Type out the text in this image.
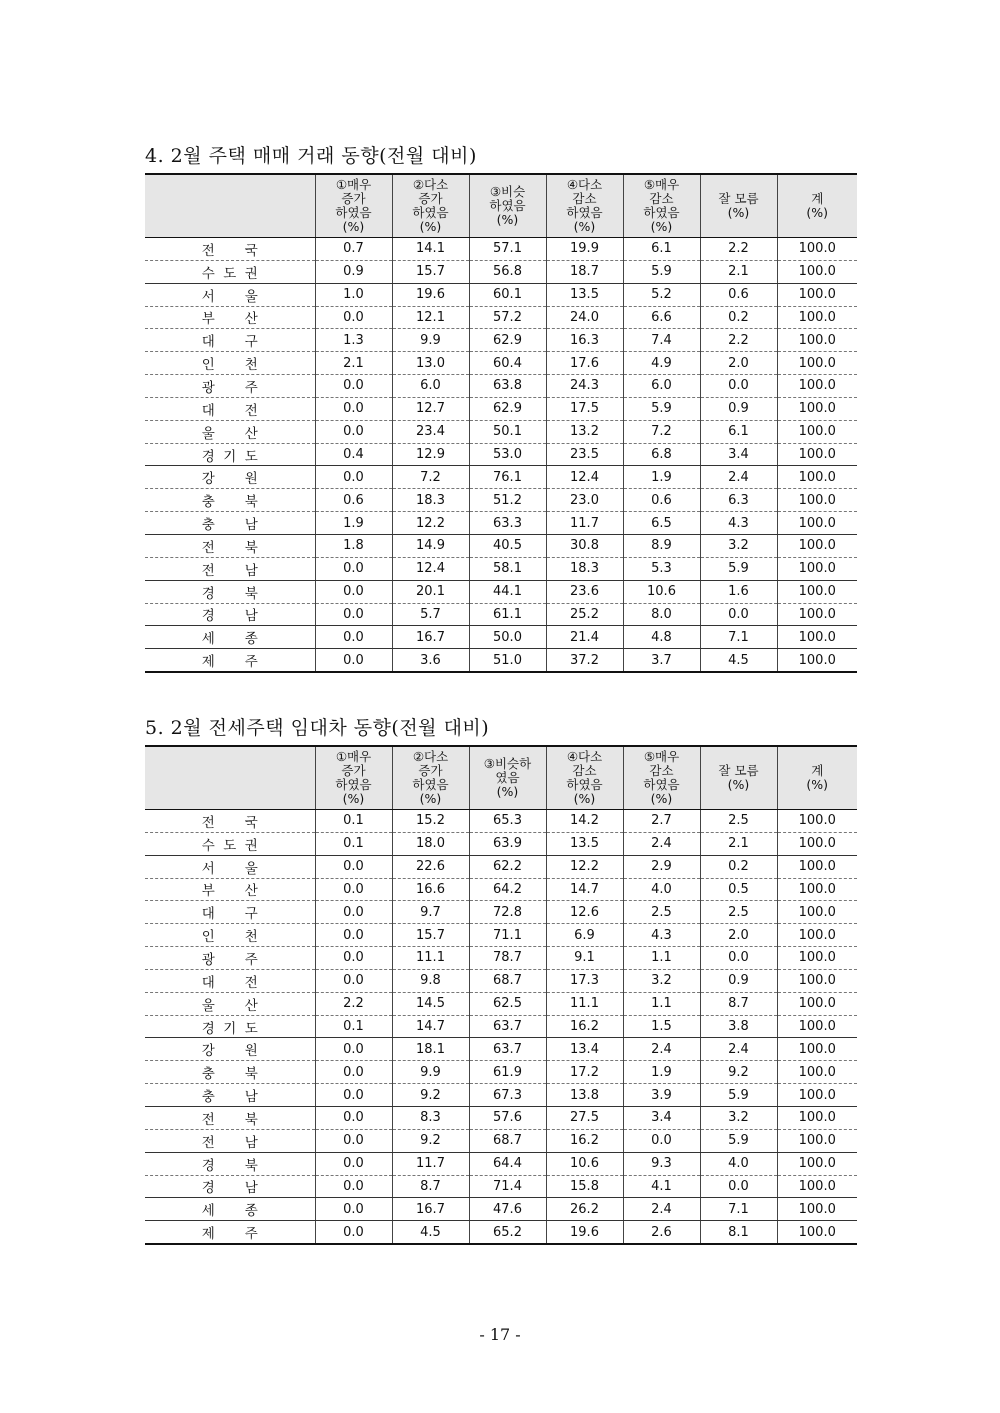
4. 2월 주택 매매 거래 동향(전월 대비)
	①매우
증가
하였음
(%)	②다소
증가
하였음
(%)	③비슷
하였음
(%)	④다소
감소
하였음
(%)	⑤매우
감소
하였음
(%)	잘 모름
(%)	계
(%)
전 국	0.7	14.1	57.1	19.9	6.1	2.2	100.0
수 도 권	0.9	15.7	56.8	18.7	5.9	2.1	100.0
서 울	1.0	19.6	60.1	13.5	5.2	0.6	100.0
부 산	0.0	12.1	57.2	24.0	6.6	0.2	100.0
대 구	1.3	9.9	62.9	16.3	7.4	2.2	100.0
인 천	2.1	13.0	60.4	17.6	4.9	2.0	100.0
광 주	0.0	6.0	63.8	24.3	6.0	0.0	100.0
대 전	0.0	12.7	62.9	17.5	5.9	0.9	100.0
울 산	0.0	23.4	50.1	13.2	7.2	6.1	100.0
경 기 도	0.4	12.9	53.0	23.5	6.8	3.4	100.0
강 원	0.0	7.2	76.1	12.4	1.9	2.4	100.0
충 북	0.6	18.3	51.2	23.0	0.6	6.3	100.0
충 남	1.9	12.2	63.3	11.7	6.5	4.3	100.0
전 북	1.8	14.9	40.5	30.8	8.9	3.2	100.0
전 남	0.0	12.4	58.1	18.3	5.3	5.9	100.0
경 북	0.0	20.1	44.1	23.6	10.6	1.6	100.0
경 남	0.0	5.7	61.1	25.2	8.0	0.0	100.0
세 종	0.0	16.7	50.0	21.4	4.8	7.1	100.0
제 주	0.0	3.6	51.0	37.2	3.7	4.5	100.0
5. 2월 전세주택 임대차 동향(전월 대비)
	①매우
증가
하였음
(%)	②다소
증가
하였음
(%)	③비슷하
였음
(%)	④다소
감소
하였음
(%)	⑤매우
감소
하였음
(%)	잘 모름
(%)	계
(%)
전 국	0.1	15.2	65.3	14.2	2.7	2.5	100.0
수 도 권	0.1	18.0	63.9	13.5	2.4	2.1	100.0
서 울	0.0	22.6	62.2	12.2	2.9	0.2	100.0
부 산	0.0	16.6	64.2	14.7	4.0	0.5	100.0
대 구	0.0	9.7	72.8	12.6	2.5	2.5	100.0
인 천	0.0	15.7	71.1	6.9	4.3	2.0	100.0
광 주	0.0	11.1	78.7	9.1	1.1	0.0	100.0
대 전	0.0	9.8	68.7	17.3	3.2	0.9	100.0
울 산	2.2	14.5	62.5	11.1	1.1	8.7	100.0
경 기 도	0.1	14.7	63.7	16.2	1.5	3.8	100.0
강 원	0.0	18.1	63.7	13.4	2.4	2.4	100.0
충 북	0.0	9.9	61.9	17.2	1.9	9.2	100.0
충 남	0.0	9.2	67.3	13.8	3.9	5.9	100.0
전 북	0.0	8.3	57.6	27.5	3.4	3.2	100.0
전 남	0.0	9.2	68.7	16.2	0.0	5.9	100.0
경 북	0.0	11.7	64.4	10.6	9.3	4.0	100.0
경 남	0.0	8.7	71.4	15.8	4.1	0.0	100.0
세 종	0.0	16.7	47.6	26.2	2.4	7.1	100.0
제 주	0.0	4.5	65.2	19.6	2.6	8.1	100.0
- 17 -
